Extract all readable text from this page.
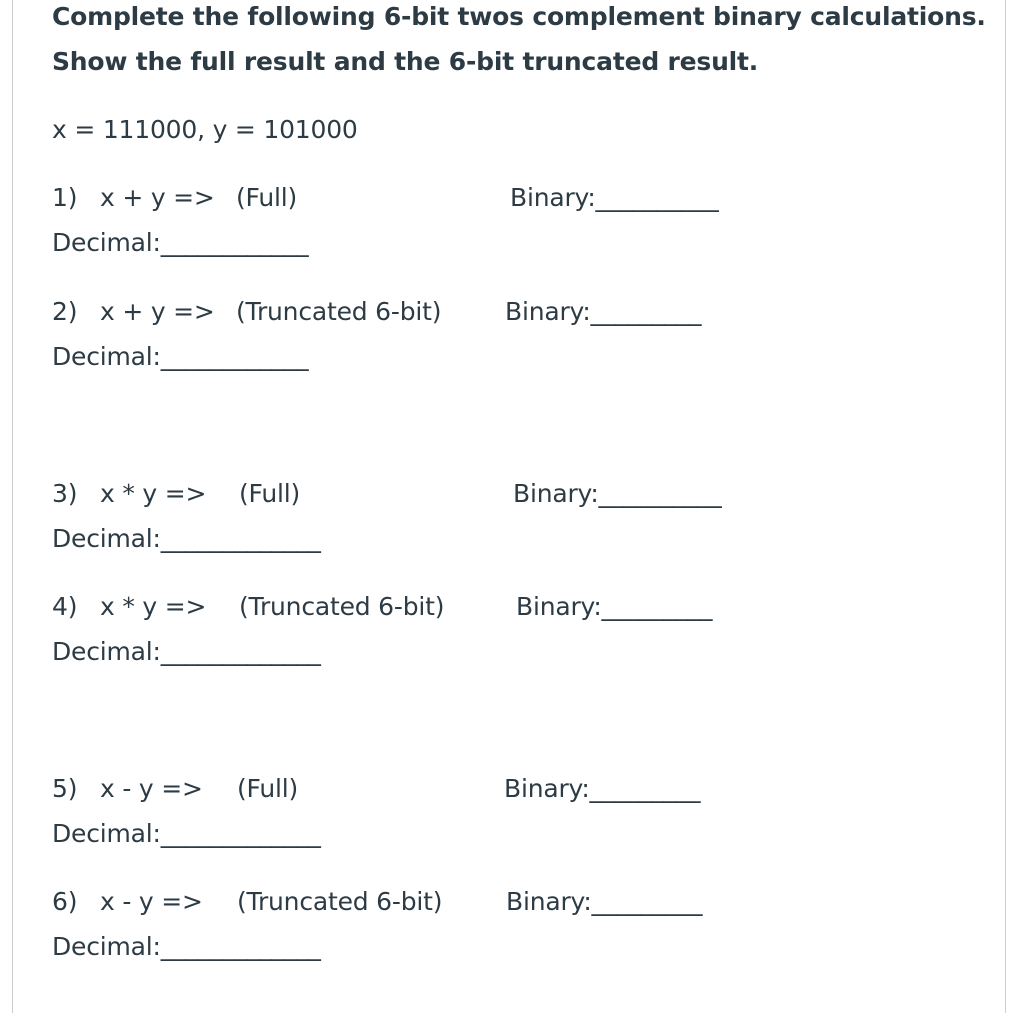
Complete the following 6-bit twos complement binary calculations.
Show the full result and the 6-bit truncated result.
x = 111000, y = 101000
1) x + y => (Full)	Binary:__________
Decimal:____________
2) x + y => (Truncated 6-bit)	Binary:_________
Decimal:____________
3) x * y => (Full)	Binary:__________
Decimal:_____________
4) x * y => (Truncated 6-bit)	Binary:_________
Decimal:_____________
5) x - y => (Full)	Binary:_________
Decimal:_____________
6) x - y => (Truncated 6-bit)	Binary:_________
Decimal:_____________
